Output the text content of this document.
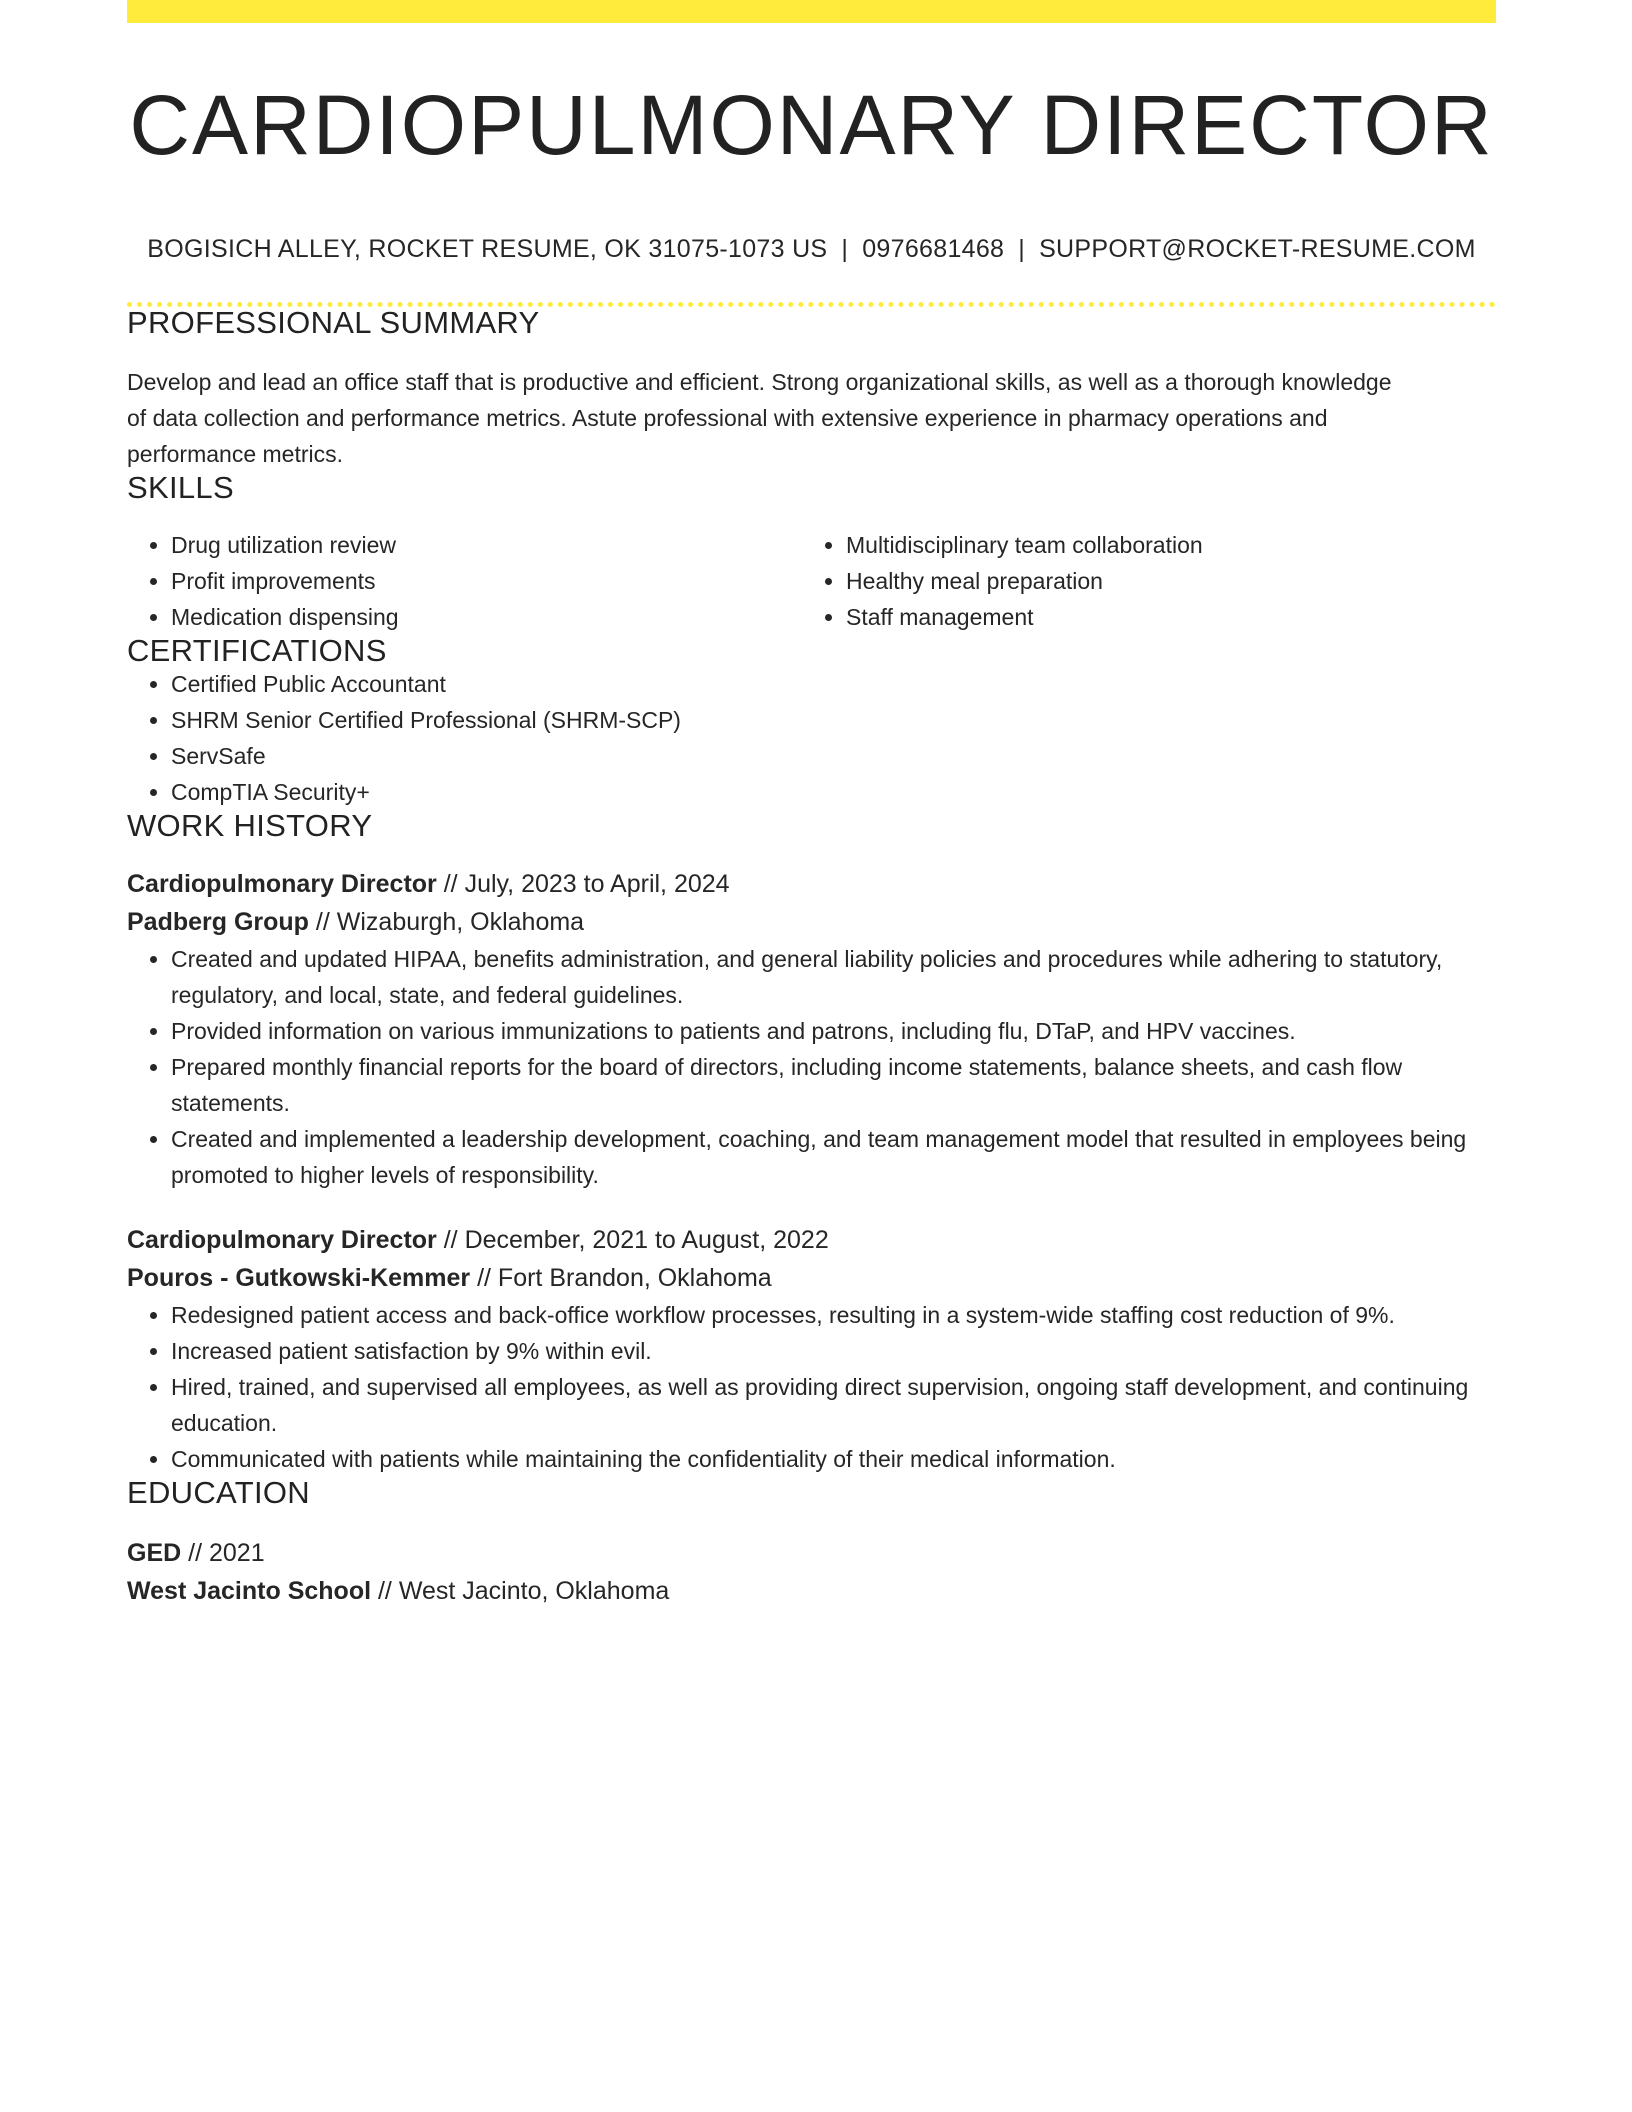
CARDIOPULMONARY DIRECTOR
BOGISICH ALLEY, ROCKET RESUME, OK 31075-1073 US | 0976681468 | SUPPORT@ROCKET-RESUME.COM
PROFESSIONAL SUMMARY
Develop and lead an office staff that is productive and efficient. Strong organizational skills, as well as a thorough knowledge of data collection and performance metrics. Astute professional with extensive experience in pharmacy operations and performance metrics.
SKILLS
• Drug utilization review
• Profit improvements
• Medication dispensing
• Multidisciplinary team collaboration
• Healthy meal preparation
• Staff management
CERTIFICATIONS
• Certified Public Accountant
• SHRM Senior Certified Professional (SHRM-SCP)
• ServSafe
• CompTIA Security+
WORK HISTORY
Cardiopulmonary Director // July, 2023 to April, 2024
Padberg Group // Wizaburgh, Oklahoma
• Created and updated HIPAA, benefits administration, and general liability policies and procedures while adhering to statutory, regulatory, and local, state, and federal guidelines.
• Provided information on various immunizations to patients and patrons, including flu, DTaP, and HPV vaccines.
• Prepared monthly financial reports for the board of directors, including income statements, balance sheets, and cash flow statements.
• Created and implemented a leadership development, coaching, and team management model that resulted in employees being promoted to higher levels of responsibility.
Cardiopulmonary Director // December, 2021 to August, 2022
Pouros - Gutkowski-Kemmer // Fort Brandon, Oklahoma
• Redesigned patient access and back-office workflow processes, resulting in a system-wide staffing cost reduction of 9%.
• Increased patient satisfaction by 9% within evil.
• Hired, trained, and supervised all employees, as well as providing direct supervision, ongoing staff development, and continuing education.
• Communicated with patients while maintaining the confidentiality of their medical information.
EDUCATION
GED // 2021
West Jacinto School // West Jacinto, Oklahoma
